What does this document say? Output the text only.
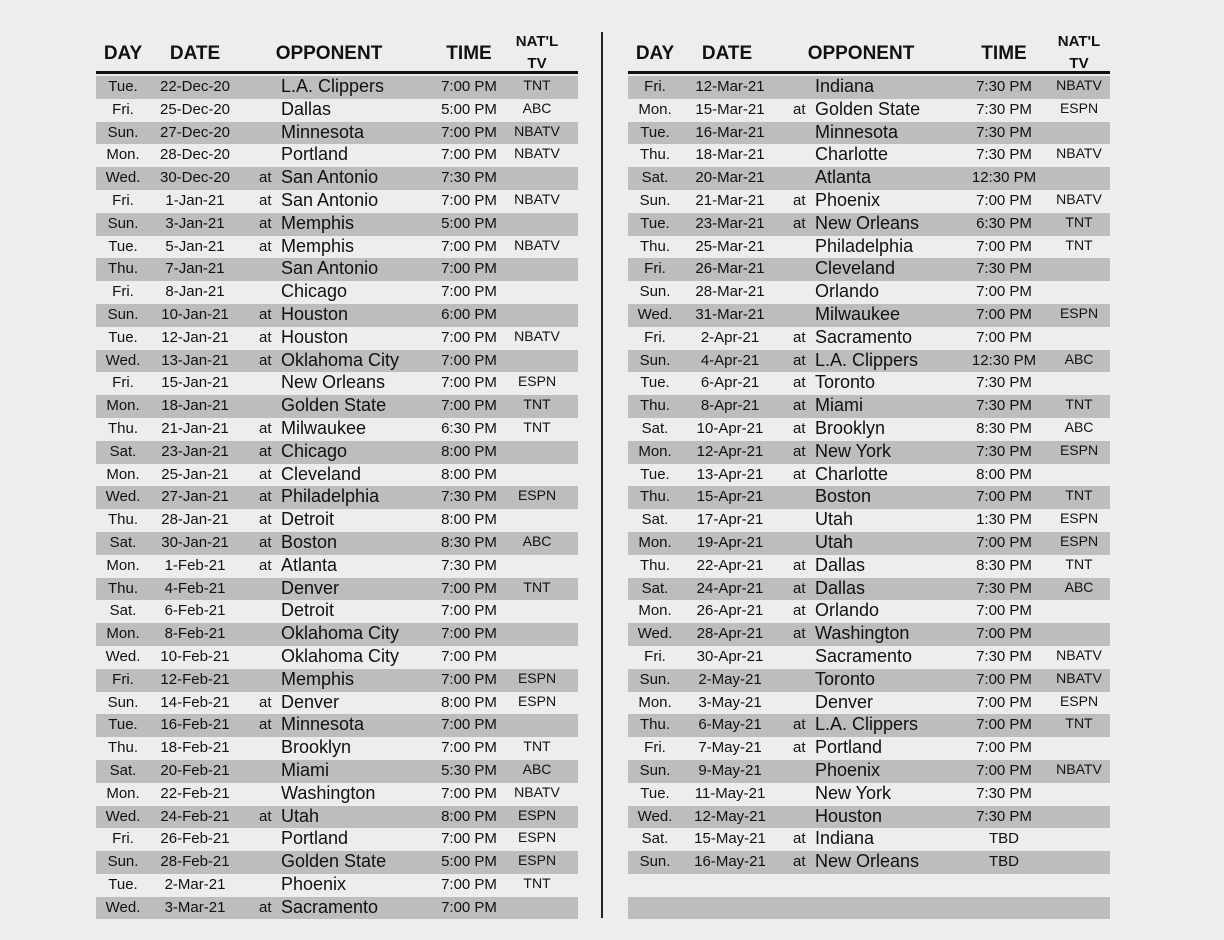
DAY DATE	OPPONENT	TIME
NAT'L
TV
Tue. 22-Dec-20	L.A. Clippers	7:00 PM TNT
Fri. 25-Dec-20	Dallas	5:00 PM ABC
Sun. 27-Dec-20	Minnesota	7:00 PM NBATV
Mon. 28-Dec-20	Portland	7:00 PM NBATV
Wed. 30-Dec-20 at San Antonio	7:30 PM
Fri. 1-Jan-21 at San Antonio	7:00 PM NBATV
Sun. 3-Jan-21 at Memphis	5:00 PM
Tue. 5-Jan-21 at Memphis	7:00 PM NBATV
Thu. 7-Jan-21	San Antonio	7:00 PM
Fri. 8-Jan-21	Chicago	7:00 PM
Sun. 10-Jan-21 at Houston	6:00 PM
Tue. 12-Jan-21 at Houston	7:00 PM NBATV
Wed. 13-Jan-21 at Oklahoma City	7:00 PM
Fri. 15-Jan-21	New Orleans	7:00 PM ESPN
Mon. 18-Jan-21	Golden State	7:00 PM TNT
Thu. 21-Jan-21 at Milwaukee	6:30 PM TNT
Sat. 23-Jan-21 at Chicago	8:00 PM
Mon. 25-Jan-21 at Cleveland	8:00 PM
Wed. 27-Jan-21 at Philadelphia	7:30 PM ESPN
Thu. 28-Jan-21 at Detroit	8:00 PM
Sat. 30-Jan-21 at Boston	8:30 PM ABC
Mon. 1-Feb-21 at Atlanta	7:30 PM
Thu. 4-Feb-21	Denver	7:00 PM TNT
Sat. 6-Feb-21	Detroit	7:00 PM
Mon. 8-Feb-21	Oklahoma City	7:00 PM
Wed. 10-Feb-21	Oklahoma City	7:00 PM
Fri. 12-Feb-21	Memphis	7:00 PM ESPN
Sun. 14-Feb-21 at Denver	8:00 PM ESPN
Tue. 16-Feb-21 at Minnesota	7:00 PM
Thu. 18-Feb-21	Brooklyn	7:00 PM TNT
Sat. 20-Feb-21	Miami	5:30 PM ABC
Mon. 22-Feb-21	Washington	7:00 PM NBATV
Wed. 24-Feb-21 at Utah	8:00 PM ESPN
Fri. 26-Feb-21	Portland	7:00 PM ESPN
Sun. 28-Feb-21	Golden State	5:00 PM ESPN
Tue. 2-Mar-21	Phoenix	7:00 PM TNT
Wed. 3-Mar-21 at Sacramento	7:00 PM
DAY DATE	OPPONENT	TIME
NAT'L
TV
Fri. 12-Mar-21	Indiana	7:30 PM NBATV
Mon. 15-Mar-21 at Golden State	7:30 PM ESPN
Tue. 16-Mar-21	Minnesota	7:30 PM
Thu. 18-Mar-21	Charlotte	7:30 PM NBATV
Sat. 20-Mar-21	Atlanta	12:30 PM
Sun. 21-Mar-21 at Phoenix	7:00 PM NBATV
Tue. 23-Mar-21 at New Orleans	6:30 PM TNT
Thu. 25-Mar-21	Philadelphia	7:00 PM TNT
Fri. 26-Mar-21	Cleveland	7:30 PM
Sun. 28-Mar-21	Orlando	7:00 PM
Wed. 31-Mar-21	Milwaukee	7:00 PM ESPN
Fri. 2-Apr-21 at Sacramento	7:00 PM
Sun. 4-Apr-21 at L.A. Clippers	12:30 PM ABC
Tue. 6-Apr-21 at Toronto	7:30 PM
Thu. 8-Apr-21 at Miami	7:30 PM TNT
Sat. 10-Apr-21 at Brooklyn	8:30 PM ABC
Mon. 12-Apr-21 at New York	7:30 PM ESPN
Tue. 13-Apr-21 at Charlotte	8:00 PM
Thu. 15-Apr-21	Boston	7:00 PM TNT
Sat. 17-Apr-21	Utah	1:30 PM ESPN
Mon. 19-Apr-21	Utah	7:00 PM ESPN
Thu. 22-Apr-21 at Dallas	8:30 PM TNT
Sat. 24-Apr-21 at Dallas	7:30 PM ABC
Mon. 26-Apr-21 at Orlando	7:00 PM
Wed. 28-Apr-21 at Washington	7:00 PM
Fri. 30-Apr-21	Sacramento	7:30 PM NBATV
Sun. 2-May-21	Toronto	7:00 PM NBATV
Mon. 3-May-21	Denver	7:00 PM ESPN
Thu. 6-May-21 at L.A. Clippers	7:00 PM TNT
Fri. 7-May-21 at Portland	7:00 PM
Sun. 9-May-21	Phoenix	7:00 PM NBATV
Tue. 11-May-21	New York	7:30 PM
Wed. 12-May-21	Houston	7:30 PM
Sat. 15-May-21 at Indiana	TBD
Sun. 16-May-21 at New Orleans	TBD
